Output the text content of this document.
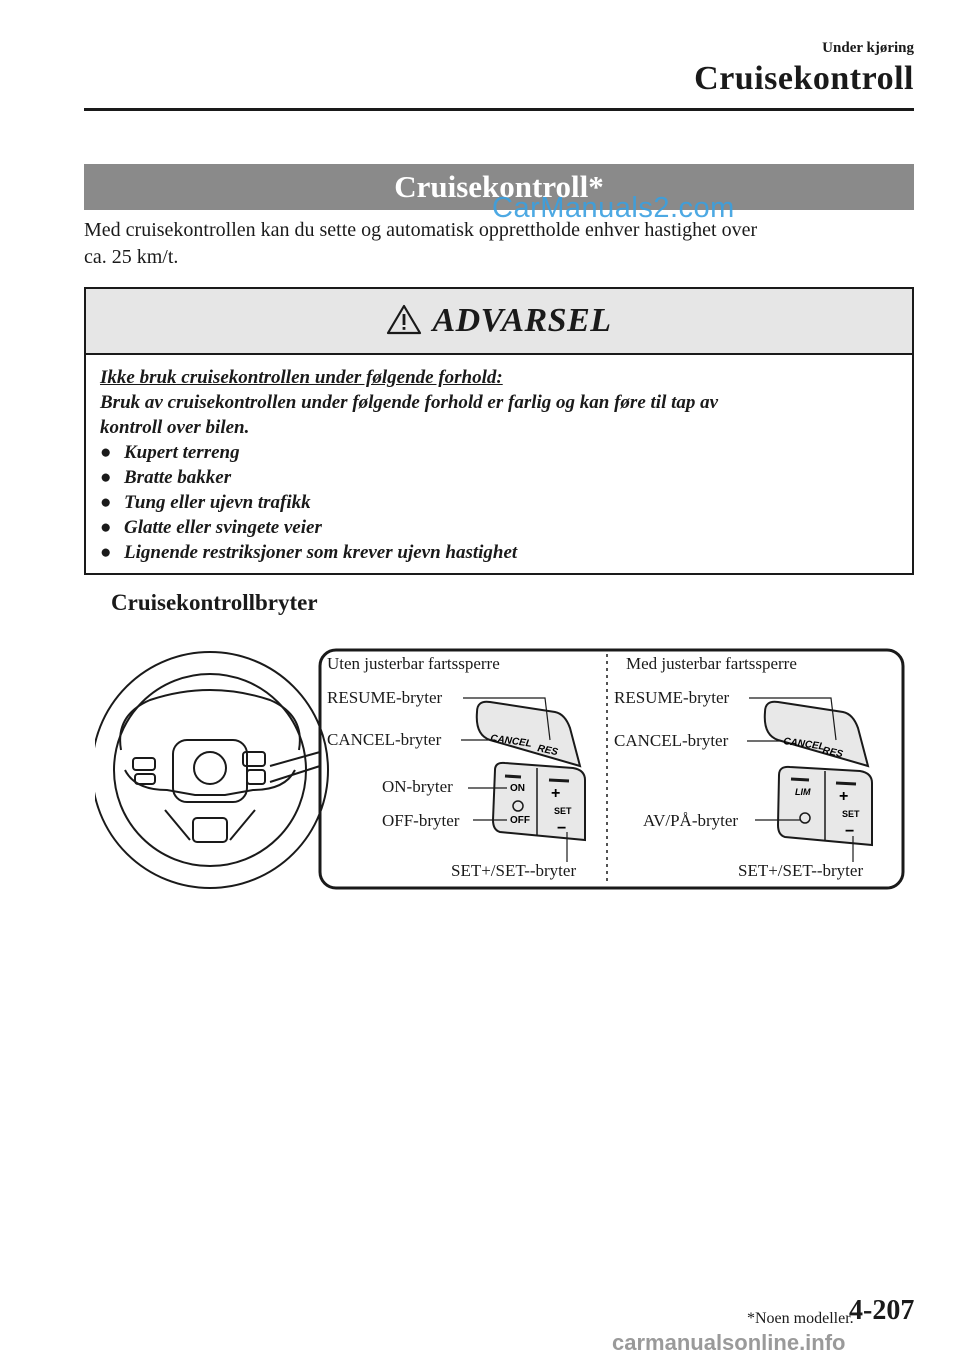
Under kjøring
Cruisekontroll
Cruisekontroll*
CarManuals2.com
Med cruisekontrollen kan du sette og automatisk opprettholde enhver hastighet over
ca. 25 km/t.
ADVARSEL
Ikke bruk cruisekontrollen under følgende forhold:
Bruk av cruisekontrollen under følgende forhold er farlig og kan føre til tap av
kontroll over bilen.
● Kupert terreng
● Bratte bakker
● Tung eller ujevn trafikk
● Glatte eller svingete veier
● Lignende restriksjoner som krever ujevn hastighet
Cruisekontrollbryter
CANCEL
RES
ON
OFF
+
SET
−
CANCEL
RES
LIM +
SET
−
Uten justerbar fartssperre
RESUME-bryter
CANCEL-bryter
ON-bryter
OFF-bryter
SET+/SET--bryter
Med justerbar fartssperre
RESUME-bryter
CANCEL-bryter
AV/PÅ-bryter
SET+/SET--bryter
*Noen modeller.
4-207
carmanualsonline.info
